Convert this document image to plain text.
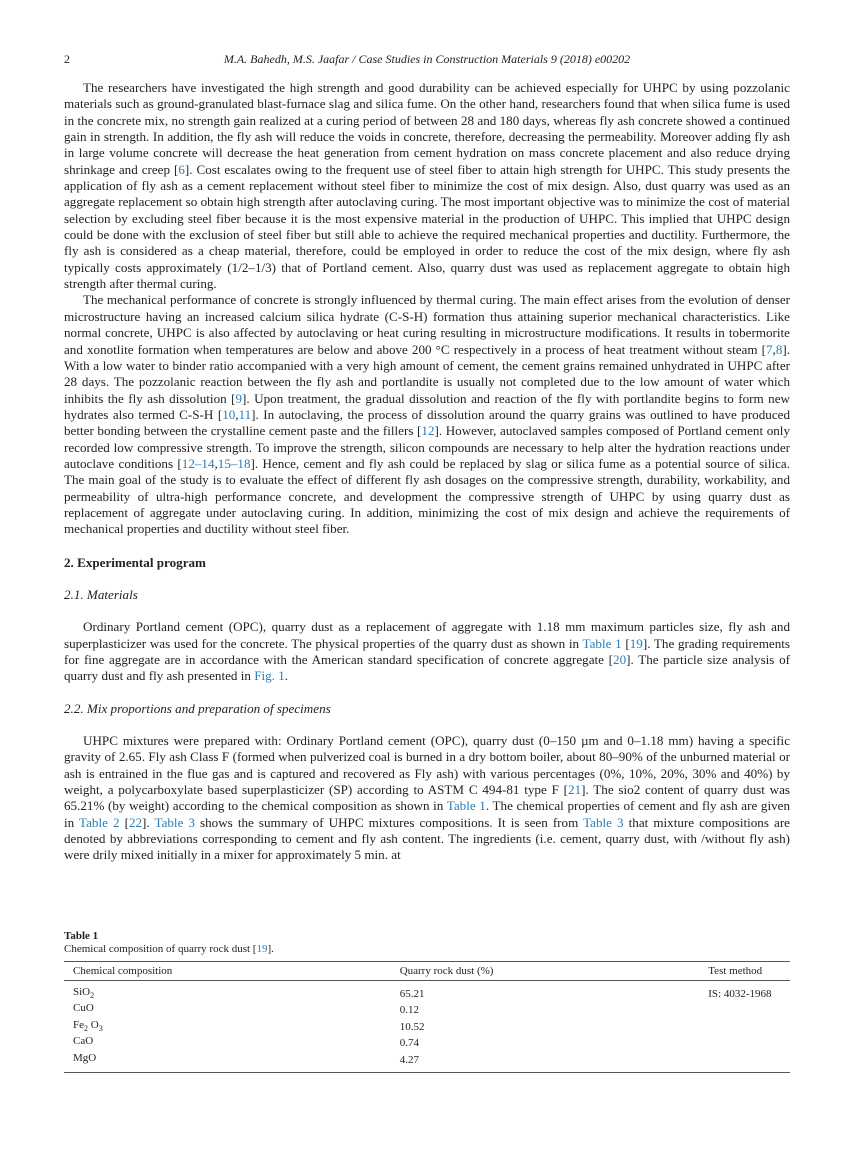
2	M.A. Bahedh, M.S. Jaafar / Case Studies in Construction Materials 9 (2018) e00202

The researchers have investigated the high strength and good durability can be achieved especially for UHPC by using pozzolanic materials such as ground-granulated blast-furnace slag and silica fume. On the other hand, researchers found that when silica fume is used in the concrete mix, no strength gain realized at a curing period of between 28 and 180 days, whereas fly ash concrete showed a continued gain in strength. In addition, the fly ash will reduce the voids in concrete, therefore, decreasing the permeability. Moreover adding fly ash in large volume concrete will decrease the heat generation from cement hydration on mass concrete placement and also reduce drying shrinkage and creep [6]. Cost escalates owing to the frequent use of steel fiber to attain high strength for UHPC. This study presents the application of fly ash as a cement replacement without steel fiber to minimize the cost of mix design. Also, dust quarry was used as an aggregate replacement so obtain high strength after autoclaving curing. The most important objective was to minimize the cost of material selection by excluding steel fiber because it is the most expensive material in the production of UHPC. This implied that UHPC design could be done with the exclusion of steel fiber but still able to achieve the required mechanical properties and ductility. Furthermore, the fly ash is considered as a cheap material, therefore, could be employed in order to reduce the cost of the mix design, where fly ash typically costs approximately (1/2–1/3) that of Portland cement. Also, quarry dust was used as replacement aggregate to obtain high strength after thermal curing.

The mechanical performance of concrete is strongly influenced by thermal curing. The main effect arises from the evolution of denser microstructure having an increased calcium silica hydrate (C-S-H) formation thus attaining superior mechanical characteristics. Like normal concrete, UHPC is also affected by autoclaving or heat curing resulting in microstructure modifications. It results in tobermorite and xonotlite formation when temperatures are below and above 200 °C respectively in a process of heat treatment without steam [7,8]. With a low water to binder ratio accompanied with a very high amount of cement, the cement grains remained unhydrated in UHPC after 28 days. The pozzolanic reaction between the fly ash and portlandite is usually not completed due to the low amount of water which inhibits the fly ash dissolution [9]. Upon treatment, the gradual dissolution and reaction of the fly with portlandite begins to form new hydrates also termed C-S-H [10,11]. In autoclaving, the process of dissolution around the quarry grains was outlined to have produced better bonding between the crystalline cement paste and the fillers [12]. However, autoclaved samples composed of Portland cement only recorded low compressive strength. To improve the strength, silicon compounds are necessary to help alter the hydration reactions under autoclave conditions [12–14,15–18]. Hence, cement and fly ash could be replaced by slag or silica fume as a potential source of silica. The main goal of the study is to evaluate the effect of different fly ash dosages on the compressive strength, durability, workability, and permeability of ultra-high performance concrete, and development the compressive strength of UHPC by using quarry dust as replacement of aggregate under autoclaving curing. In addition, minimizing the cost of mix design and achieve the requirements of mechanical properties and ductility without steel fiber.

2. Experimental program
2.1. Materials

Ordinary Portland cement (OPC), quarry dust as a replacement of aggregate with 1.18 mm maximum particles size, fly ash and superplasticizer was used for the concrete. The physical properties of the quarry dust as shown in Table 1 [19]. The grading requirements for fine aggregate are in accordance with the American standard specification of concrete aggregate [20]. The particle size analysis of quarry dust and fly ash presented in Fig. 1.

2.2. Mix proportions and preparation of specimens

UHPC mixtures were prepared with: Ordinary Portland cement (OPC), quarry dust (0–150 µm and 0–1.18 mm) having a specific gravity of 2.65. Fly ash Class F (formed when pulverized coal is burned in a dry bottom boiler, about 80–90% of the unburned material or ash is entrained in the flue gas and is captured and recovered as Fly ash) with various percentages (0%, 10%, 20%, 30% and 40%) by weight, a polycarboxylate based superplasticizer (SP) according to ASTM C 494-81 type F [21]. The sio2 content of quarry dust was 65.21% (by weight) according to the chemical composition as shown in Table 1. The chemical properties of cement and fly ash are given in Table 2 [22]. Table 3 shows the summary of UHPC mixtures compositions. It is seen from Table 3 that mixture compositions are denoted by abbreviations corresponding to cement and fly ash content. The ingredients (i.e. cement, quarry dust, with /without fly ash) were drily mixed initially in a mixer for approximately 5 min. at

Table 1
Chemical composition of quarry rock dust [19].
Chemical composition	Quarry rock dust (%)	Test method
SiO$_2$	65.21	IS: 4032-1968
CuO	0.12	
$Fe_2$ $O_3$	10.52	
CaO	0.74	
MgO	4.27	
